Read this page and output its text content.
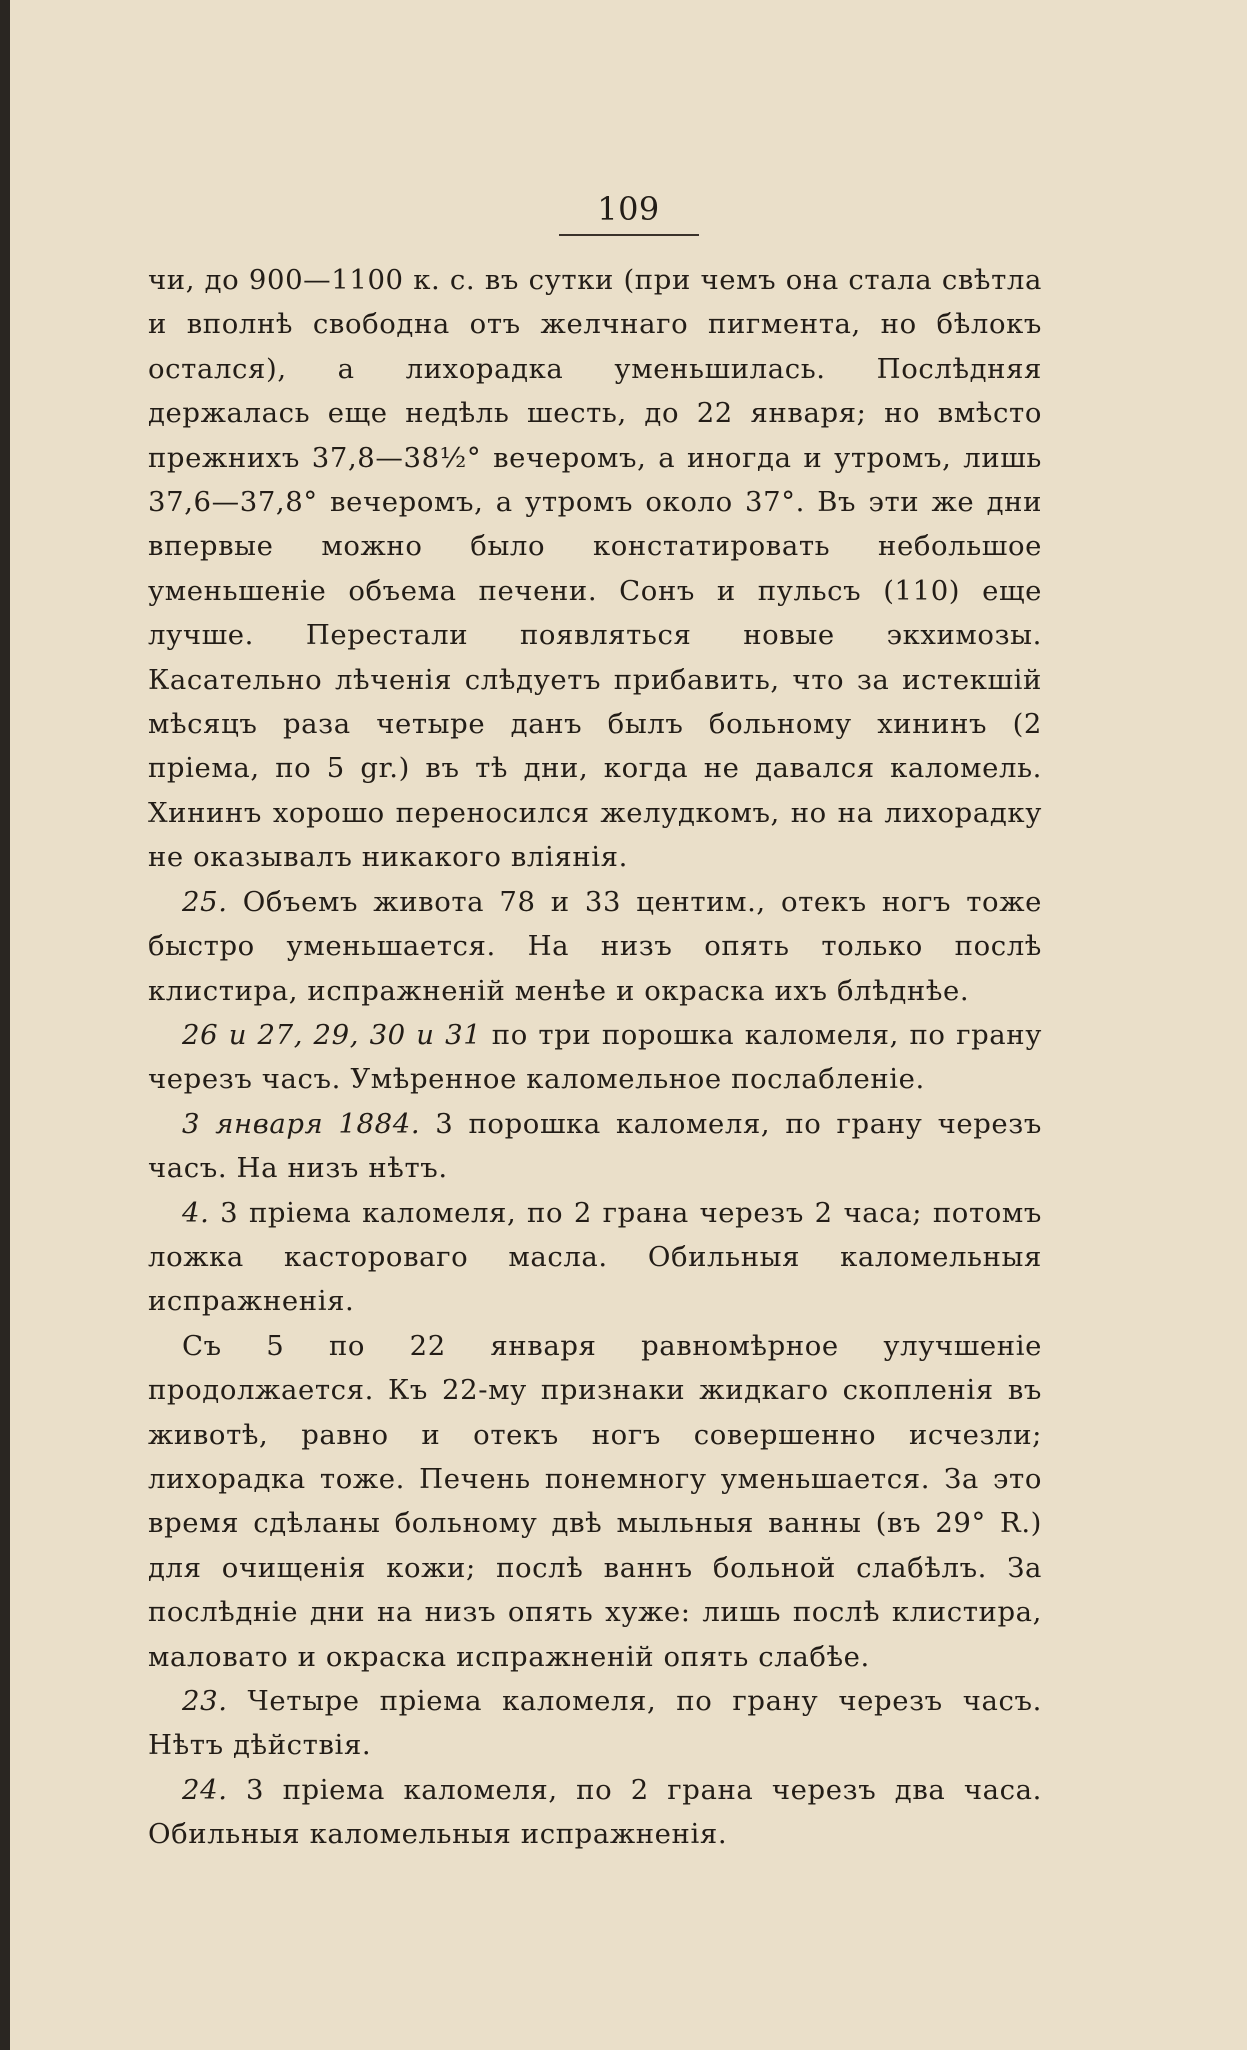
109

чи, до 900—1100 к. с. въ сутки (при чемъ она стала свѣтла и вполнѣ свободна отъ желчнаго пигмента, но бѣлокъ остался), а лихорадка уменьшилась. Послѣдняя держалась еще недѣль шесть, до 22 января; но вмѣсто прежнихъ 37,8—38½° вечеромъ, а иногда и утромъ, лишь 37,6—37,8° вечеромъ, а утромъ около 37°. Въ эти же дни впервые можно было констатировать небольшое уменьшеніе объема печени. Сонъ и пульсъ (110) еще лучше. Перестали появляться новые экхимозы. Касательно лѣченія слѣдуетъ прибавить, что за истекшій мѣсяцъ раза четыре данъ былъ больному хининъ (2 пріема, по 5 gr.) въ тѣ дни, когда не давался каломель. Хининъ хорошо переносился желудкомъ, но на лихорадку не оказывалъ никакого вліянія.

25. Объемъ живота 78 и 33 центим., отекъ ногъ тоже быстро уменьшается. На низъ опять только послѣ клистира, испражненій менѣе и окраска ихъ блѣднѣе.

26 и 27, 29, 30 и 31 по три порошка каломеля, по грану черезъ часъ. Умѣренное каломельное послабленіе.

3 января 1884. 3 порошка каломеля, по грану черезъ часъ. На низъ нѣтъ.

4. 3 пріема каломеля, по 2 грана черезъ 2 часа; потомъ ложка кастороваго масла. Обильныя каломельныя испражненія.

Съ 5 по 22 января равномѣрное улучшеніе продолжается. Къ 22-му признаки жидкаго скопленія въ животѣ, равно и отекъ ногъ совершенно исчезли; лихорадка тоже. Печень понемногу уменьшается. За это время сдѣланы больному двѣ мыльныя ванны (въ 29° R.) для очищенія кожи; послѣ ваннъ больной слабѣлъ. За послѣдніе дни на низъ опять хуже: лишь послѣ клистира, маловато и окраска испражненій опять слабѣе.

23. Четыре пріема каломеля, по грану черезъ часъ. Нѣтъ дѣйствія.

24. 3 пріема каломеля, по 2 грана черезъ два часа. Обильныя каломельныя испражненія.
